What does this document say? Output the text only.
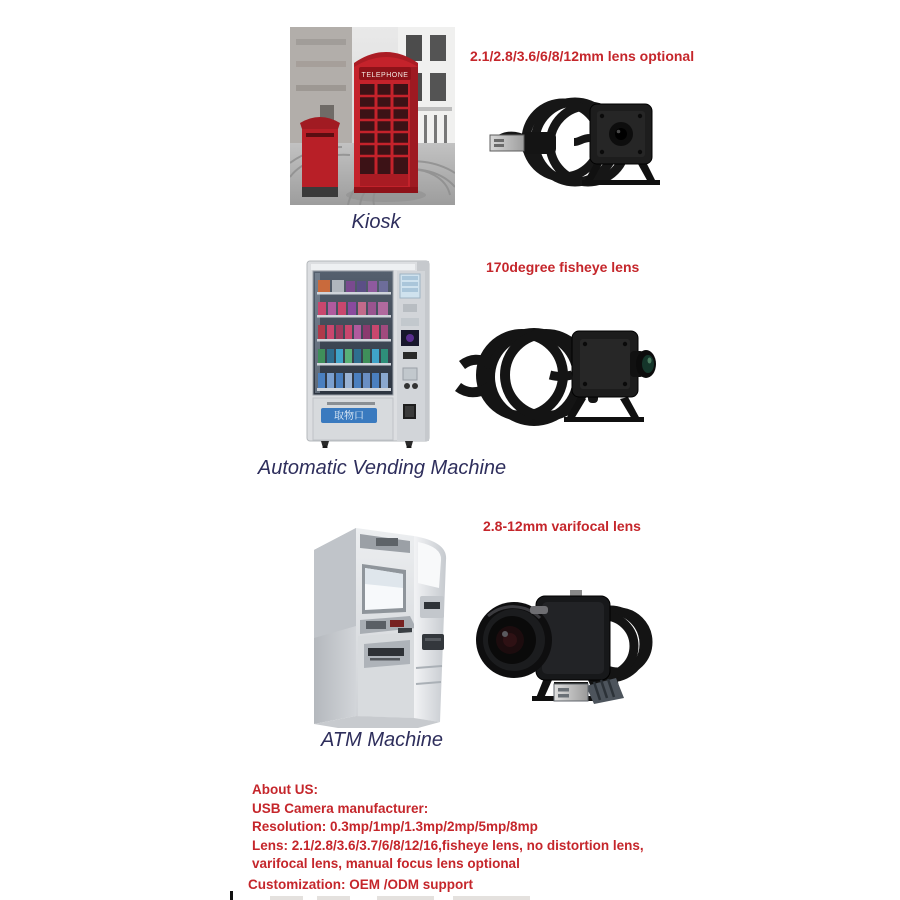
TELEPHONE
2.1/2.8/3.6/6/8/12mm lens optional
Kiosk
取物口
170degree fisheye lens
Automatic Vending Machine
2.8-12mm varifocal lens
ATM Machine
About US:
USB Camera manufacturer:
Resolution: 0.3mp/1mp/1.3mp/2mp/5mp/8mp
Lens: 2.1/2.8/3.6/3.7/6/8/12/16,fisheye lens, no distortion lens,
varifocal lens, manual focus lens optional
Customization: OEM /ODM support
